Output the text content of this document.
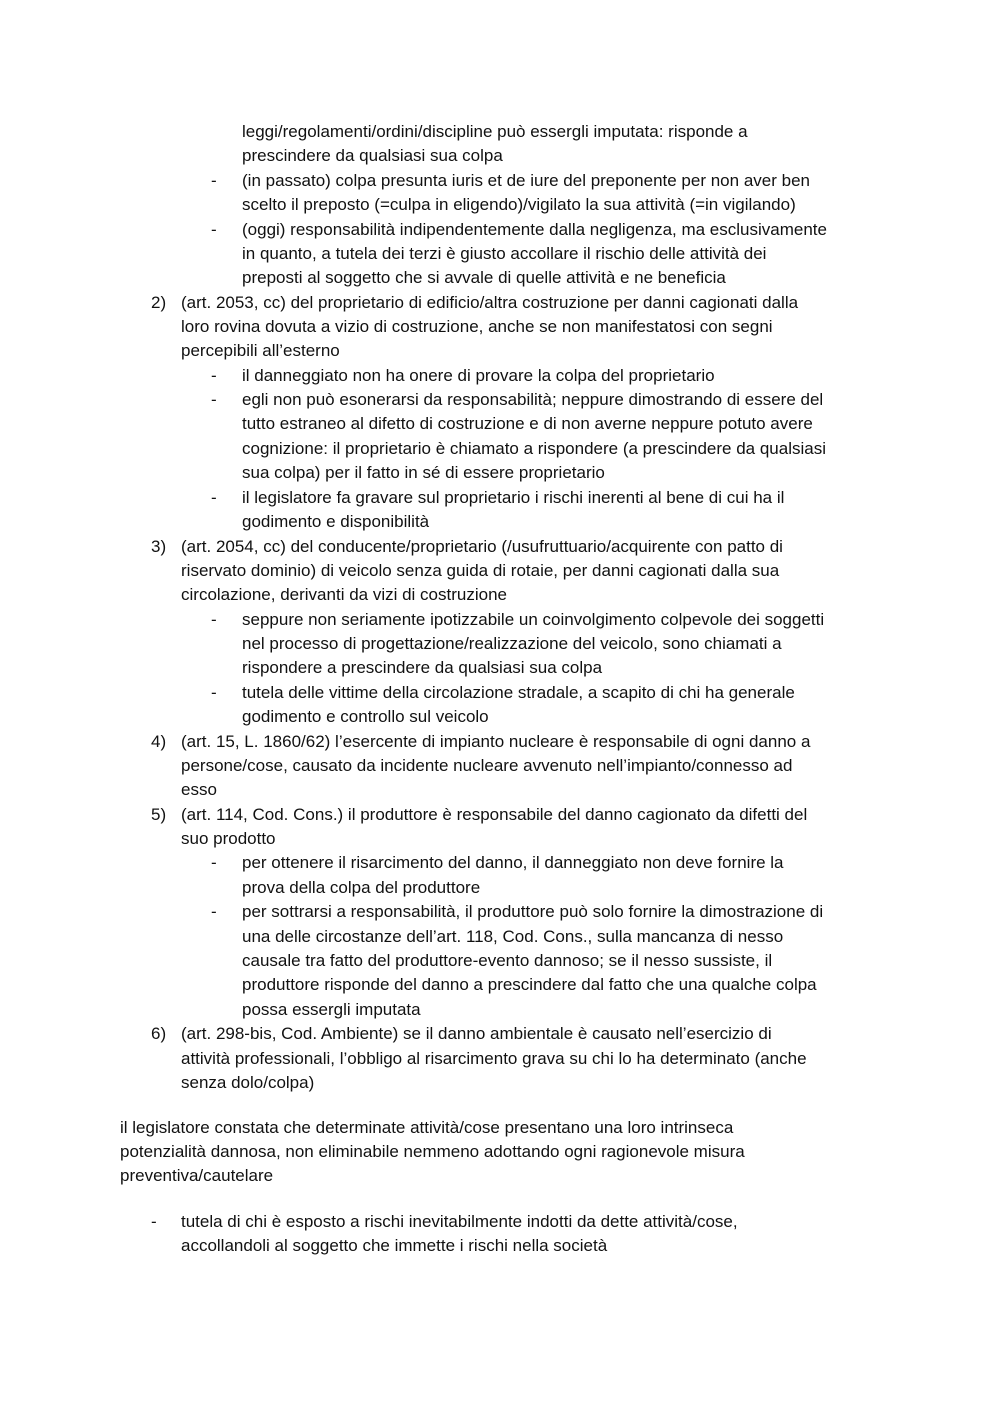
leggi/regolamenti/ordini/discipline può essergli imputata: risponde a

prescindere da qualsiasi sua colpa

- (in passato) colpa presunta iuris et de iure del preponente per non aver ben

scelto il preposto (=culpa in eligendo)/vigilato la sua attività (=in vigilando)

- (oggi) responsabilità indipendentemente dalla negligenza, ma esclusivamente

in quanto, a tutela dei terzi è giusto accollare il rischio delle attività dei

preposti al soggetto che si avvale di quelle attività e ne beneficia

2) (art. 2053, cc) del proprietario di edificio/altra costruzione per danni cagionati dalla

loro rovina dovuta a vizio di costruzione, anche se non manifestatosi con segni

percepibili all’esterno

- il danneggiato non ha onere di provare la colpa del proprietario

- egli non può esonerarsi da responsabilità; neppure dimostrando di essere del

tutto estraneo al difetto di costruzione e di non averne neppure potuto avere

cognizione: il proprietario è chiamato a rispondere (a prescindere da qualsiasi

sua colpa) per il fatto in sé di essere proprietario

- il legislatore fa gravare sul proprietario i rischi inerenti al bene di cui ha il

godimento e disponibilità

3) (art. 2054, cc) del conducente/proprietario (/usufruttuario/acquirente con patto di

riservato dominio) di veicolo senza guida di rotaie, per danni cagionati dalla sua

circolazione, derivanti da vizi di costruzione

- seppure non seriamente ipotizzabile un coinvolgimento colpevole dei soggetti

nel processo di progettazione/realizzazione del veicolo, sono chiamati a

rispondere a prescindere da qualsiasi sua colpa

- tutela delle vittime della circolazione stradale, a scapito di chi ha generale

godimento e controllo sul veicolo

4) (art. 15, L. 1860/62) l’esercente di impianto nucleare è responsabile di ogni danno a

persone/cose, causato da incidente nucleare avvenuto nell’impianto/connesso ad

esso

5) (art. 114, Cod. Cons.) il produttore è responsabile del danno cagionato da difetti del

suo prodotto

- per ottenere il risarcimento del danno, il danneggiato non deve fornire la

prova della colpa del produttore

- per sottrarsi a responsabilità, il produttore può solo fornire la dimostrazione di

una delle circostanze dell’art. 118, Cod. Cons., sulla mancanza di nesso

causale tra fatto del produttore-evento dannoso; se il nesso sussiste, il

produttore risponde del danno a prescindere dal fatto che una qualche colpa

possa essergli imputata

6) (art. 298-bis, Cod. Ambiente) se il danno ambientale è causato nell’esercizio di

attività professionali, l’obbligo al risarcimento grava su chi lo ha determinato (anche

senza dolo/colpa)

il legislatore constata che determinate attività/cose presentano una loro intrinseca

potenzialità dannosa, non eliminabile nemmeno adottando ogni ragionevole misura

preventiva/cautelare

- tutela di chi è esposto a rischi inevitabilmente indotti da dette attività/cose,

accollandoli al soggetto che immette i rischi nella società
